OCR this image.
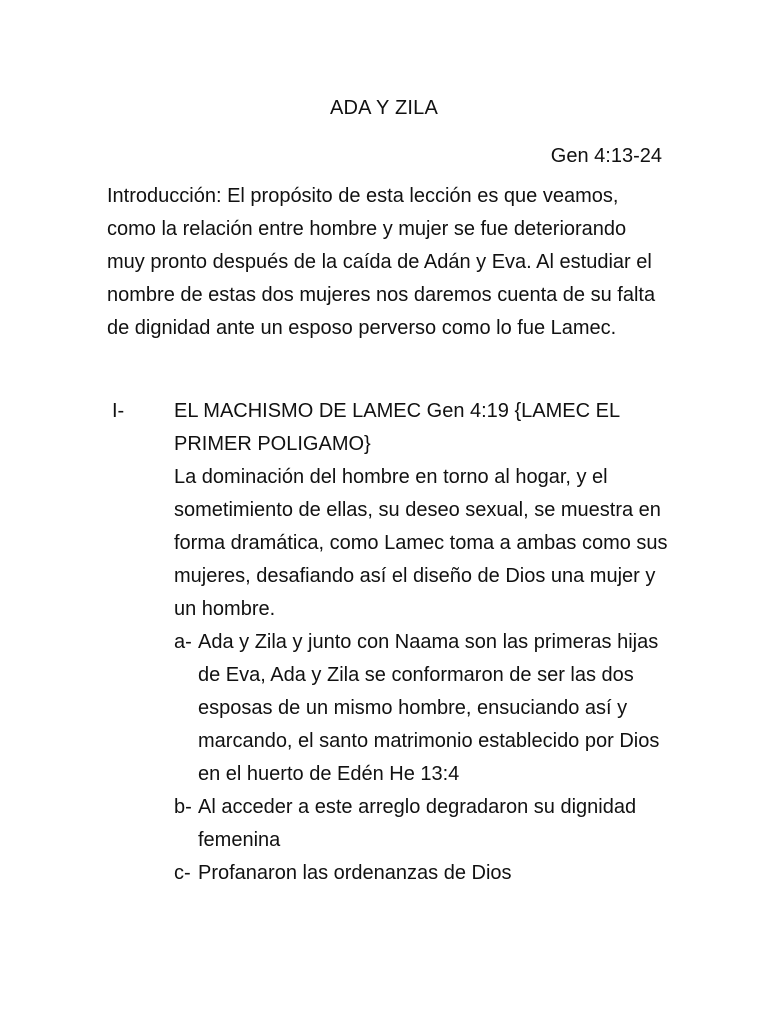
ADA Y ZILA
Gen 4:13-24
Introducción: El propósito de esta lección es que veamos, como la relación entre hombre y mujer se fue deteriorando muy pronto después de la caída de Adán y Eva. Al estudiar el nombre de estas dos mujeres nos daremos cuenta de su falta de dignidad ante un esposo perverso como lo fue Lamec.
I-	EL MACHISMO DE LAMEC Gen 4:19 {LAMEC EL PRIMER POLIGAMO}
La dominación del hombre en torno al hogar, y el sometimiento de ellas, su deseo sexual, se muestra en forma dramática, como Lamec toma a ambas como sus mujeres, desafiando así el diseño de Dios una mujer y un hombre.
a- Ada y Zila y junto con Naama son las primeras hijas de Eva, Ada y Zila se conformaron de ser las dos esposas de un mismo hombre, ensuciando así y marcando, el santo matrimonio establecido por Dios en el huerto de Edén He 13:4
b- Al acceder a este arreglo degradaron su dignidad femenina
c- Profanaron las ordenanzas de Dios
